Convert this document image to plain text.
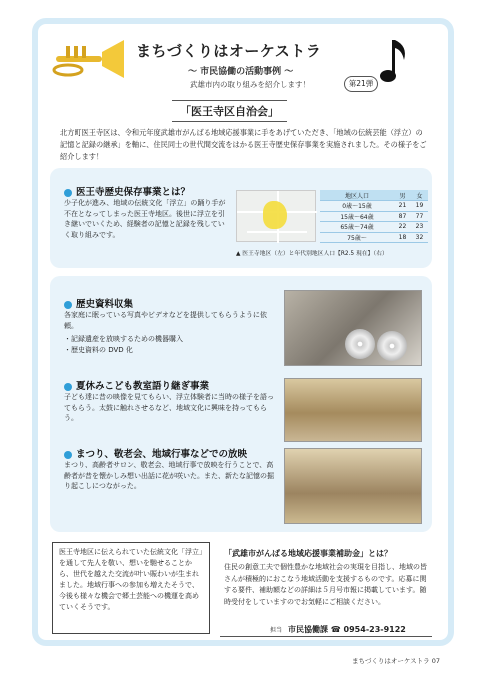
まちづくりはオーケストラ
～ 市民協働の活動事例 ～
武雄市内の取り組みを紹介します！	第21弾
「医王寺区自治会」
北方町医王寺区は、令和元年度武雄市がんばる地域応援事業に手をあげていただき、「地域の伝統芸能（浮立）の記憶と記録の継承」を軸に、住民同士の世代間交流をはかる医王寺歴史保存事業を実施されました。その様子をご紹介します！
医王寺歴史保存事業とは？
少子化が進み、地域の伝統文化「浮立」の踊り手が不在となってしまった医王寺地区。後世に浮立を引き継いでいくため、経験者の記憶と記録を残していく取り組みです。
地区人口	男	女
0歳～15歳	21	19
15歳～64歳	87	77
65歳～74歳	22	23
75歳～	18	32
▲ 医王寺地区（左）と年代別地区人口【R2.5 現在】（右）
歴史資料収集
各家庭に眠っている写真やビデオなどを提供してもらうように依頼。
・記録遺産を放映するための機器購入
・歴史資料の DVD 化
夏休みこども教室語り継ぎ事業
子ども達に昔の映像を見てもらい、浮立体験者に当時の様子を語ってもらう。太鼓に触れさせるなど、地域文化に興味を持ってもらう。
まつり、敬老会、地域行事などでの放映
まつり、高齢者サロン、敬老会、地域行事で放映を行うことで、高齢者が昔を懐かしみ想い出話に花が咲いた。また、新たな記憶の掘り起こしにつながった。
医王寺地区に伝えられていた伝統文化「浮立」を通して先人を敬い、想いを馳せることから、世代を越えた交流が叶い賑わいが生まれました。地域行事への参加も増えたそうで、今後も様々な機会で郷土芸能への機運を高めていくそうです。
「武雄市がんばる地域応援事業補助金」とは？
住民の創意工夫で個性豊かな地域社会の実現を目指し、地域の皆さんが積極的におこなう地域活動を支援するものです。応募に関する要件、補助額などの詳細は５月号市報に掲載しています。随時受付をしていますのでお気軽にご相談ください。
担当 市民協働課 ☎ 0954-23-9122
まちづくりはオーケストラ 07
